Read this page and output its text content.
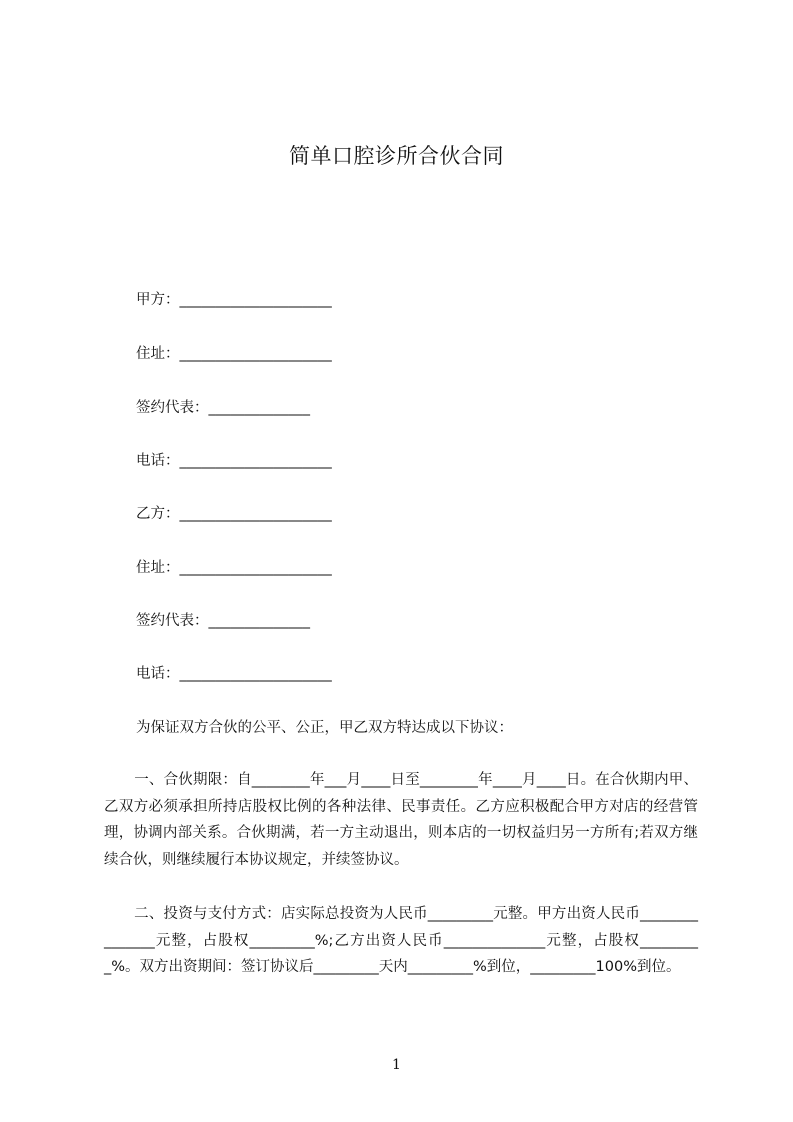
简单口腔诊所合伙合同
甲方：_____________________
住址：_____________________
签约代表：______________
电话：_____________________
乙方：_____________________
住址：_____________________
签约代表：______________
电话：_____________________
为保证双方合伙的公平、公正，甲乙双方特达成以下协议：
一、合伙期限：自________年___月____日至________年____月____日。在合伙期内甲、乙双方必须承担所持店股权比例的各种法律、民事责任。乙方应积极配合甲方对店的经营管理，协调内部关系。合伙期满，若一方主动退出，则本店的一切权益归另一方所有;若双方继续合伙，则继续履行本协议规定，并续签协议。
二、投资与支付方式：店实际总投资为人民币_________元整。甲方出资人民币_______________元整，占股权_________%;乙方出资人民币______________元整，占股权_________%。双方出资期间：签订协议后_________天内_________%到位，_________100%到位。
1
